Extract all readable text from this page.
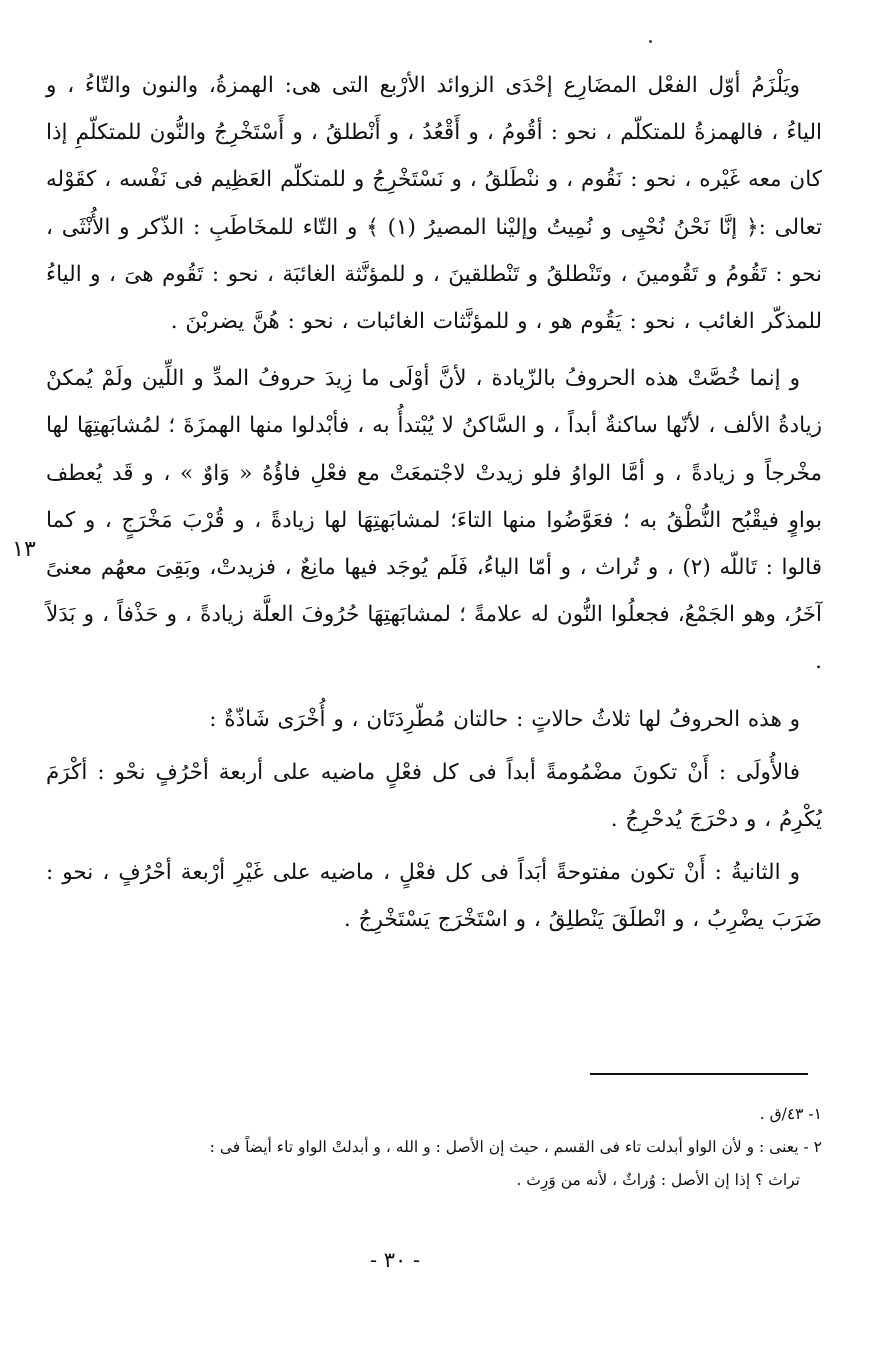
١٣

ويَلْزَمُ أوّل الفعْل المضَارِع إحْدَى الزوائد الأرْبع التى هى: الهمزةُ، والنون والتّاءُ ، و الياءُ ، فالهمزةُ للمتكلّم ، نحو : أقُومُ ، و أَقْعُدُ ، و أَنْطلقُ ، و أَسْتَخْرِجُ والنُّون للمتكلّمِ إذا كان معه غَيْره ، نحو : نَقُوم ، و ننْطَلقُ ، و نَسْتَخْرِجُ و للمتكلّم العَظِيم فى نَفْسه ، كقَوْله تعالى :﴿ إنَّا نَحْنُ نُحْيِى و نُمِيتُ وإليْنا المصيرُ (١) ﴾ و التّاء للمخَاطَبِ : الذّكر و الأُنْثَى ، نحو : تَقُومُ و تَقُومينَ ، وتَنْطلقُ و تَنْطلقينَ ، و للمؤنَّثة الغائبَة ، نحو : تَقُوم هىَ ، و الياءُ للمذكّر الغائب ، نحو : يَقُوم هو ، و للمؤنَّثات الغائبات ، نحو : هُنَّ يضربْنَ .

و إنما خُصَّتْ هذه الحروفُ بالزّيادة ، لأنَّ أوْلَى ما زِيدَ حروفُ المدِّ و اللِّين ولَمْ يُمكنْ زيادةُ الألف ، لأنّها ساكنةٌ أبداً ، و السَّاكنُ لا يُبْتدأُ به ، فأبْدلوا منها الهمزَةَ ؛ لمُشابَهتِهَا لها مخْرجاً و زيادةً ، و أمَّا الواوُ فلو زيدتْ لاجْتمعَتْ مع فعْلِ فاؤُهُ « وَاوٌ » ، و قَد يُعطف بواوٍ فيقْبُح النُّطْقُ به ؛ فعَوَّضُوا منها التاءَ؛ لمشابَهتِهَا لها زيادةً ، و قُرْبَ مَخْرَجٍ ، و كما قالوا : تَاللّه (٢) ، و تُراث ، و أمّا الياءُ، فَلَم يُوجَد فيها مانِعٌ ، فزيدتْ، وبَقِىَ معهُم معنىً آخَرُ، وهو الجَمْعُ، فجعلُوا النُّون له علامةً ؛ لمشابَهتِهَا حُرُوفَ العلَّة زيادةً ، و حَذْفاً ، و بَدَلاً .

و هذه الحروفُ لها ثلاثُ حالاتٍ : حالتان مُطّرِدَتَان ، و أُخْرَى شَاذّةٌ :

فالأُولَى : أَنْ تكونَ مضْمُومةً أبداً فى كل فعْلٍ ماضيه على أربعة أحْرُفٍ نحْو : أكْرَمَ يُكْرِمُ ، و دحْرَجَ يُدحْرِجُ .

و الثانيةُ : أَنْ تكون مفتوحةً أبَداً فى كل فعْلٍ ، ماضيه على غَيْرِ أرْبعة أحْرُفٍ ، نحو : ضَرَبَ يضْرِبُ ، و انْطلَقَ يَنْطلِقُ ، و اسْتَخْرَج يَسْتَخْرِجُ .

١- ٤٣/ق .

٢ - يعنى : و لأن الواو أبدلت تاء فى القسم ، حيث إن الأصل : و الله ، و أبدلتْ الواو تاء أيضاً فى :

تراث ؟ إذا إن الأصل : وُراثٌ ، لأنه من وَرِث .

- ٣٠ -
